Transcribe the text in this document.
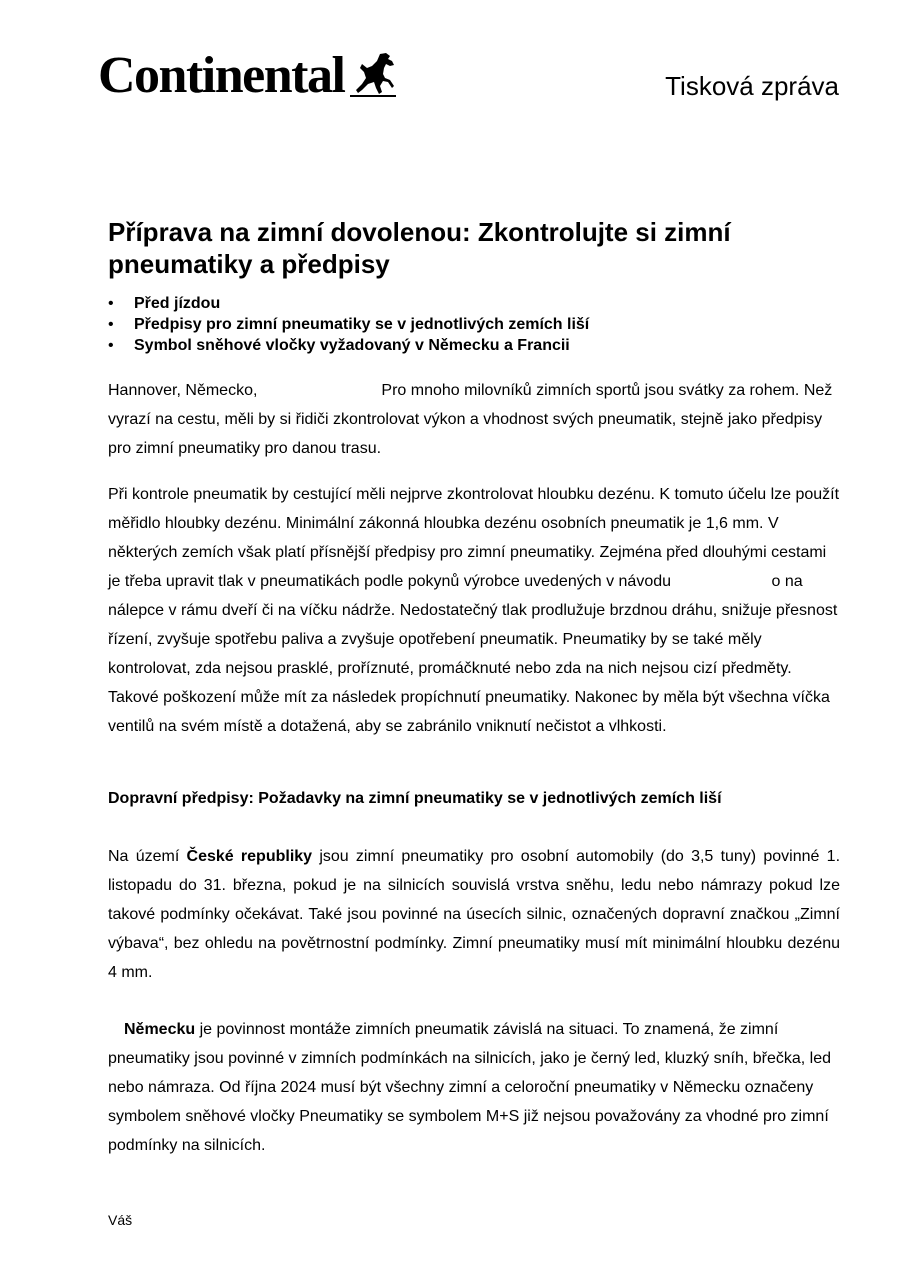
Continental	Tisková zpráva
Příprava na zimní dovolenou: Zkontrolujte si zimní pneumatiky a předpisy
• Před jízdou
• Předpisy pro zimní pneumatiky se v jednotlivých zemích liší
• Symbol sněhové vločky vyžadovaný v Německu a Francii

Hannover, Německo,	Pro mnoho milovníků zimních sportů jsou svátky za rohem. Než vyrazí na cestu, měli by si řidiči zkontrolovat výkon a vhodnost svých pneumatik, stejně jako předpisy pro zimní pneumatiky pro danou trasu.

Při kontrole pneumatik by cestující měli nejprve zkontrolovat hloubku dezénu. K tomuto účelu lze použít měřidlo hloubky dezénu. Minimální zákonná hloubka dezénu osobních pneumatik je 1,6 mm. V některých zemích však platí přísnější předpisy pro zimní pneumatiky. Zejména před dlouhými cestami je třeba upravit tlak v pneumatikách podle pokynů výrobce uvedených v návodu	o na nálepce v rámu dveří či na víčku nádrže. Nedostatečný tlak prodlužuje brzdnou dráhu, snižuje přesnost řízení, zvyšuje spotřebu paliva a zvyšuje opotřebení pneumatik. Pneumatiky by se také měly kontrolovat, zda nejsou prasklé, proříznuté, promáčknuté nebo zda na nich nejsou cizí předměty. Takové poškození může mít za následek propíchnutí pneumatiky. Nakonec by měla být všechna víčka ventilů na svém místě a dotažená, aby se zabránilo vniknutí nečistot a vlhkosti.

Dopravní předpisy: Požadavky na zimní pneumatiky se v jednotlivých zemích liší

Na území České republiky jsou zimní pneumatiky pro osobní automobily (do 3,5 tuny) povinné 1. listopadu do 31. března, pokud je na silnicích souvislá vrstva sněhu, ledu nebo námrazy pokud lze takové podmínky očekávat. Také jsou povinné na úsecích silnic, označených dopravní značkou „Zimní výbava“, bez ohledu na povětrnostní podmínky. Zimní pneumatiky musí mít minimální hloubku dezénu 4 mm.

Německu je povinnost montáže zimních pneumatik závislá na situaci. To znamená, že zimní pneumatiky jsou povinné v zimních podmínkách na silnicích, jako je černý led, kluzký sníh, břečka, led nebo námraza. Od října 2024 musí být všechny zimní a celoroční pneumatiky v Německu označeny symbolem sněhové vločky Pneumatiky se symbolem M+S již nejsou považovány za vhodné pro zimní podmínky na silnicích.

Váš
